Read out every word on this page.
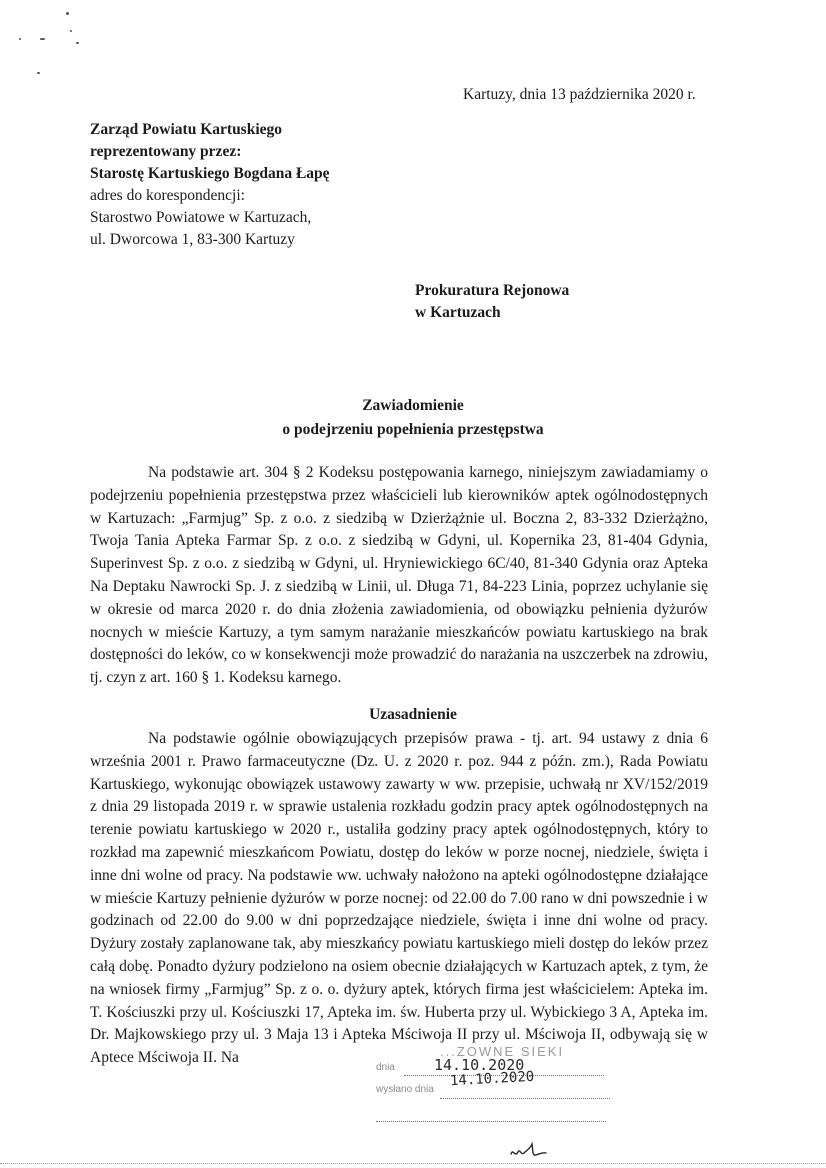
Kartuzy, dnia 13 października 2020 r.
Zarząd Powiatu Kartuskiego
reprezentowany przez:
Starostę Kartuskiego Bogdana Łapę
adres do korespondencji:
Starostwo Powiatowe w Kartuzach,
ul. Dworcowa 1, 83-300 Kartuzy
Prokuratura Rejonowa
w Kartuzach
Zawiadomienie
o podejrzeniu popełnienia przestępstwa

Na podstawie art. 304 § 2 Kodeksu postępowania karnego, niniejszym zawiadamiamy o podejrzeniu popełnienia przestępstwa przez właścicieli lub kierowników aptek ogólnodostępnych w Kartuzach: „Farmjug” Sp. z o.o. z siedzibą w Dzierżążnie ul. Boczna 2, 83-332 Dzierżążno, Twoja Tania Apteka Farmar Sp. z o.o. z siedzibą w Gdyni, ul. Kopernika 23, 81-404 Gdynia, Superinvest Sp. z o.o. z siedzibą w Gdyni, ul. Hryniewickiego 6C/40, 81-340 Gdynia oraz Apteka Na Deptaku Nawrocki Sp. J. z siedzibą w Linii, ul. Długa 71, 84-223 Linia, poprzez uchylanie się w okresie od marca 2020 r. do dnia złożenia zawiadomienia, od obowiązku pełnienia dyżurów nocnych w mieście Kartuzy, a tym samym narażanie mieszkańców powiatu kartuskiego na brak dostępności do leków, co w konsekwencji może prowadzić do narażania na uszczerbek na zdrowiu, tj. czyn z art. 160 § 1. Kodeksu karnego.

Uzasadnienie

Na podstawie ogólnie obowiązujących przepisów prawa - tj. art. 94 ustawy z dnia 6 września 2001 r. Prawo farmaceutyczne (Dz. U. z 2020 r. poz. 944 z późn. zm.), Rada Powiatu Kartuskiego, wykonując obowiązek ustawowy zawarty w ww. przepisie, uchwałą nr XV/152/2019 z dnia 29 listopada 2019 r. w sprawie ustalenia rozkładu godzin pracy aptek ogólnodostępnych na terenie powiatu kartuskiego w 2020 r., ustaliła godziny pracy aptek ogólnodostępnych, który to rozkład ma zapewnić mieszkańcom Powiatu, dostęp do leków w porze nocnej, niedziele, święta i inne dni wolne od pracy. Na podstawie ww. uchwały nałożono na apteki ogólnodostępne działające w mieście Kartuzy pełnienie dyżurów w porze nocnej: od 22.00 do 7.00 rano w dni powszednie i w godzinach od 22.00 do 9.00 w dni poprzedzające niedziele, święta i inne dni wolne od pracy. Dyżury zostały zaplanowane tak, aby mieszkańcy powiatu kartuskiego mieli dostęp do leków przez całą dobę. Ponadto dyżury podzielono na osiem obecnie działających w Kartuzach aptek, z tym, że na wniosek firmy „Farmjug” Sp. z o. o. dyżury aptek, których firma jest właścicielem: Apteka im. T. Kościuszki przy ul. Kościuszki 17, Apteka im. św. Huberta przy ul. Wybickiego 3 A, Apteka im. Dr. Majkowskiego przy ul. 3 Maja 13 i Apteka Mściwoja II przy ul. Mściwoja II, odbywają się w Aptece Mściwoja II. Na	...ZOWNE SIEKI
dnia	14.10.2020
14.10.2020
wysłano dnia
